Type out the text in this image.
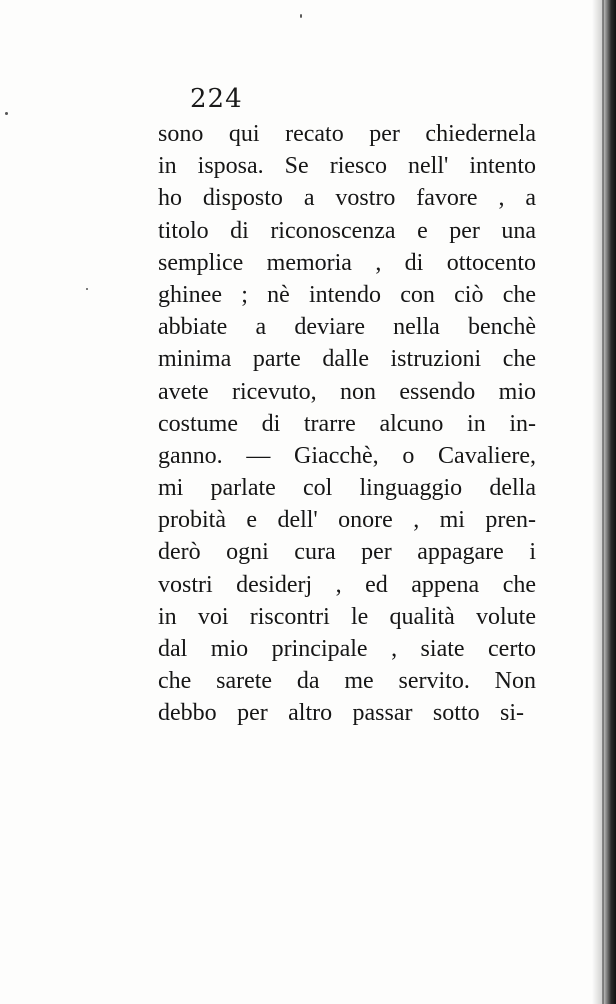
224
sono qui recato per chiedernela
in isposa. Se riesco nell' intento
ho disposto a vostro favore , a
titolo di riconoscenza e per una
semplice memoria , di ottocento
ghinee ; nè intendo con ciò che
abbiate a deviare nella benchè
minima parte dalle istruzioni che
avete ricevuto, non essendo mio
costume di trarre alcuno in in-
ganno. — Giacchè, o Cavaliere,
mi parlate col linguaggio della
probità e dell' onore , mi pren-
derò ogni cura per appagare i
vostri desiderj , ed appena che
in voi riscontri le qualità volute
dal mio principale , siate certo
che sarete da me servito. Non
debbo per altro passar sotto si-
